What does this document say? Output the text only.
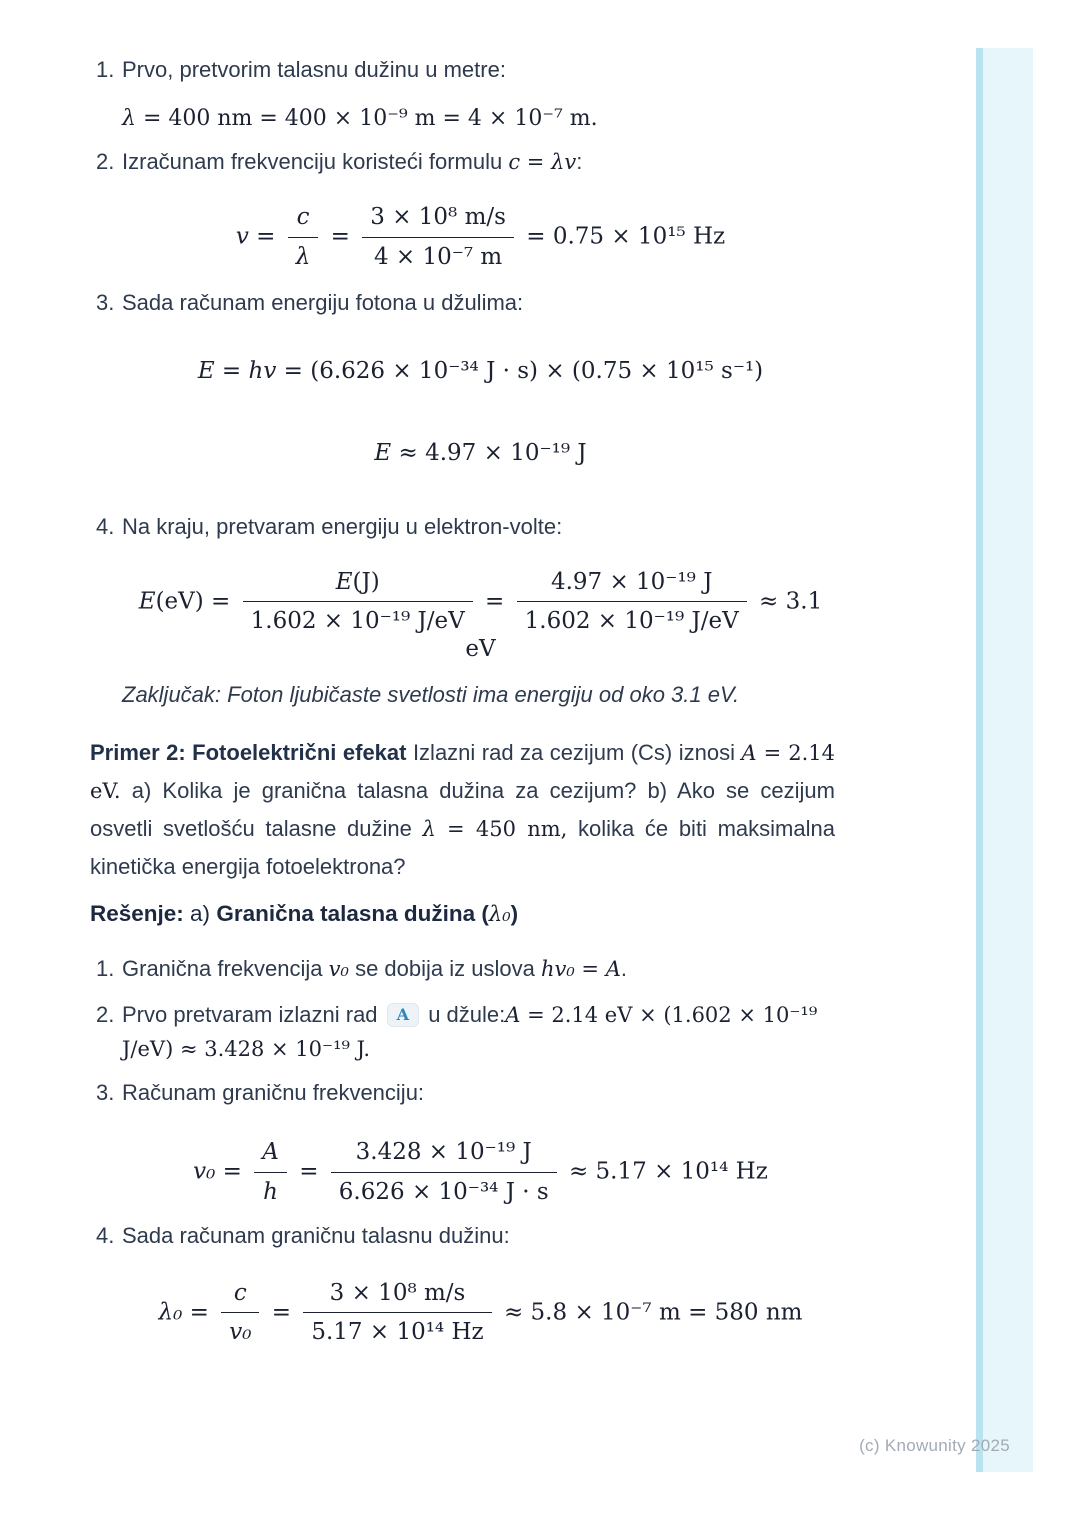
1. Prvo, pretvorim talasnu dužinu u metre:
λ = 400 nm = 400 × 10⁻⁹ m = 4 × 10⁻⁷ m.
2. Izračunam frekvenciju koristeći formulu c = λv:
$v = \frac{c}{\lambda} = \frac{\text{3 × 10⁸ m/s}}{\text{4 × 10⁻⁷ m}} = 0.75 \times 10^{15}$ Hz
3. Sada računam energiju fotona u džulima:
E = hv = (6.626 × 10⁻³⁴ J · s) × (0.75 × 10¹⁵ s⁻¹)
E ≈ 4.97 × 10⁻¹⁹ J
4. Na kraju, pretvaram energiju u elektron-volte:
$E(eV) = \frac{E(J)}{\text{1.602 × 10⁻¹⁹ J/eV}} = \frac{\text{4.97 × 10⁻¹⁹ J}}{\text{1.602 × 10⁻¹⁹ J/eV}} \approx 3.1$ eV
Zaključak: Foton ljubičaste svetlosti ima energiju od oko 3.1 eV.
Primer 2: Fotoelektrični efekat Izlazni rad za cezijum (Cs) iznosi A = 2.14 eV. a) Kolika je granična talasna dužina za cezijum? b) Ako se cezijum osvetli svetlošću talasne dužine λ = 450 nm, kolika će biti maksimalna kinetička energija fotoelektrona?
Rešenje: a) Granična talasna dužina (λ₀)
1. Granična frekvencija v₀ se dobija iz uslova hv₀ = A.
2. Prvo pretvaram izlazni rad A u džule:A = 2.14 eV × (1.602 × 10⁻¹⁹ J/eV) ≈ 3.428 × 10⁻¹⁹ J.
3. Računam graničnu frekvenciju:
$v_0 = \frac{A}{h} = \frac{\text{3.428 × 10⁻¹⁹ J}}{\text{6.626 × 10⁻³⁴ J · s}} \approx 5.17 \times 10^{14}$ Hz
4. Sada računam graničnu talasnu dužinu:
$\lambda_0 = \frac{c}{\text{v₀}} = \frac{\text{3 × 10⁸ m/s}}{\text{5.17 × 10¹⁴ Hz}} \approx 5.8 \times 10^{-7}$ m = 580 nm
(c) Knowunity 2025
